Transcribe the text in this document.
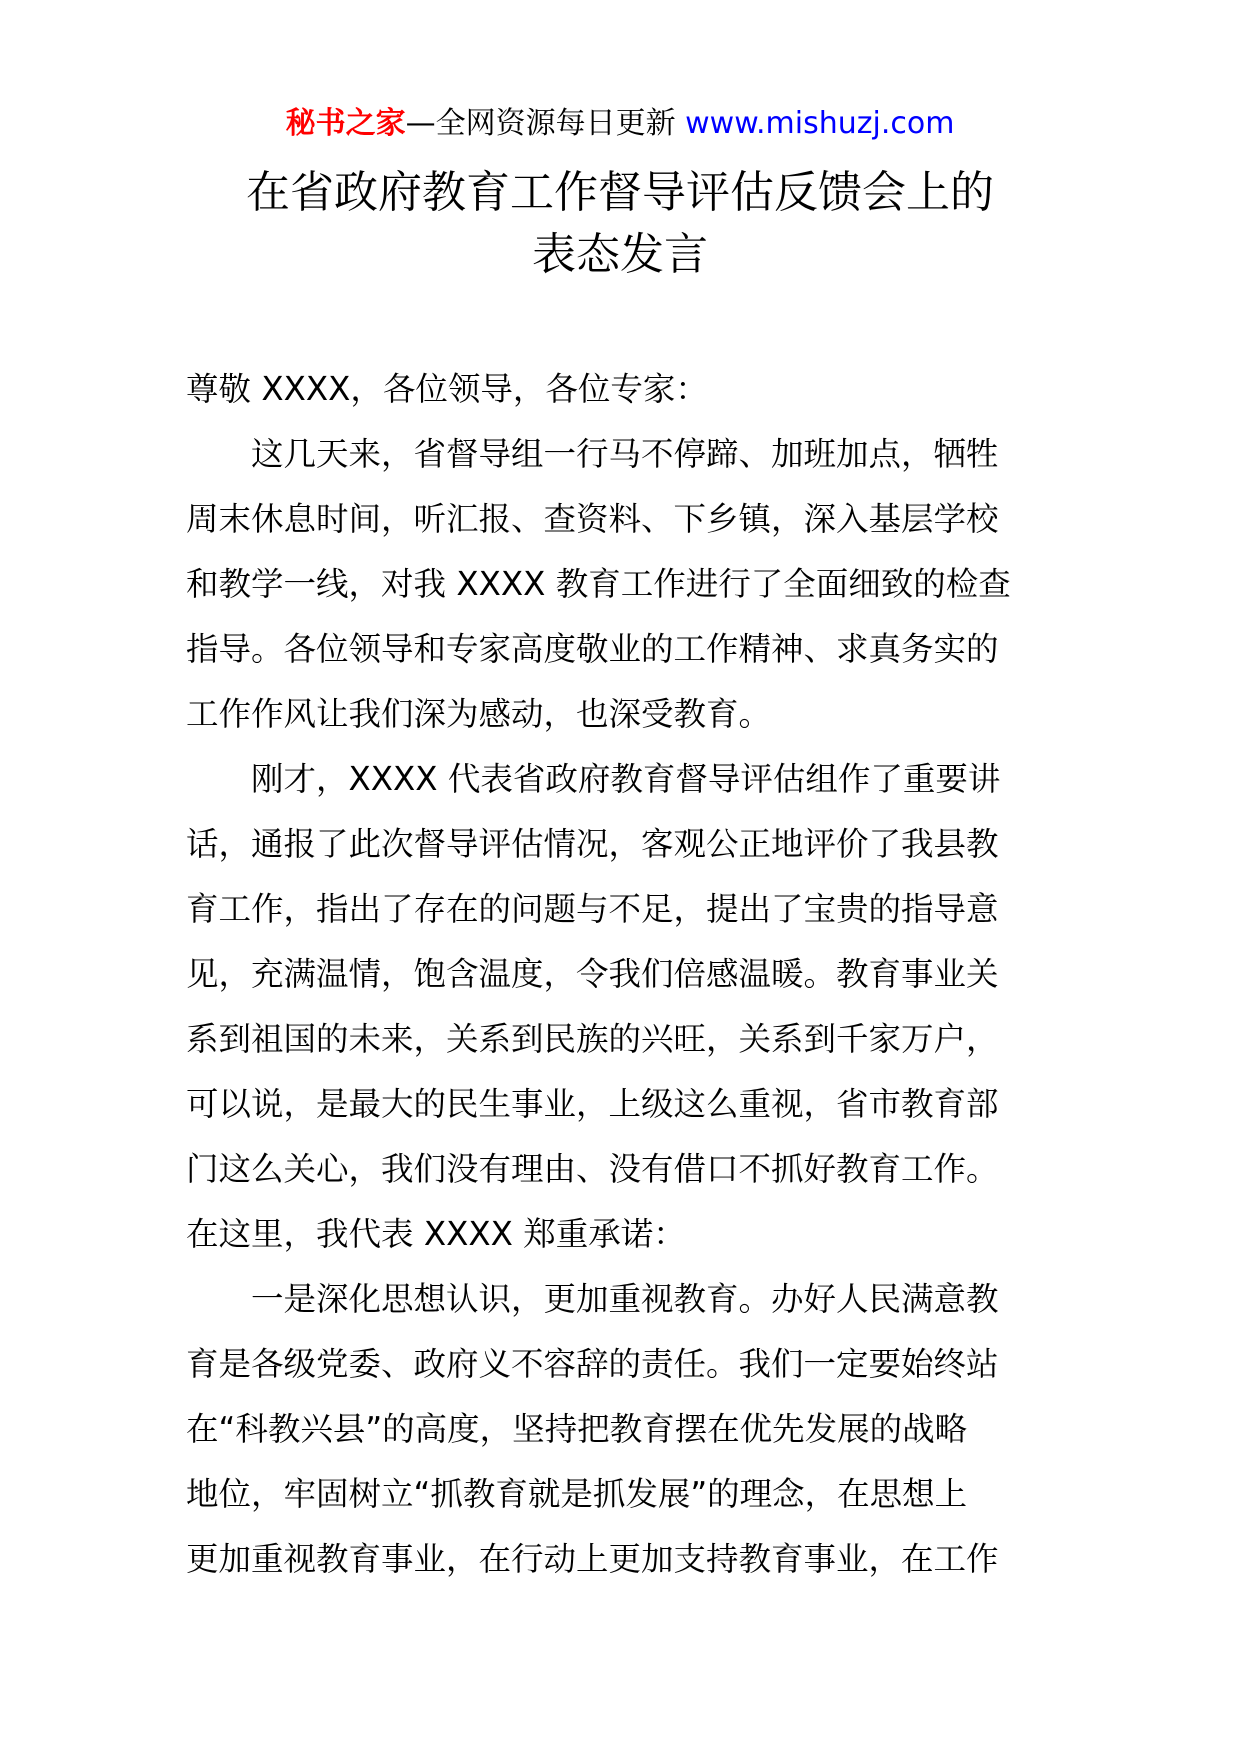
秘书之家—全网资源每日更新 www.mishuzj.com
在省政府教育工作督导评估反馈会上的
表态发言
尊敬 XXXX，各位领导，各位专家：
这几天来，省督导组一行马不停蹄、加班加点，牺牲
周末休息时间，听汇报、查资料、下乡镇，深入基层学校
和教学一线，对我 XXXX 教育工作进行了全面细致的检查
指导。各位领导和专家高度敬业的工作精神、求真务实的
工作作风让我们深为感动，也深受教育。
刚才，XXXX 代表省政府教育督导评估组作了重要讲
话，通报了此次督导评估情况，客观公正地评价了我县教
育工作，指出了存在的问题与不足，提出了宝贵的指导意
见，充满温情，饱含温度，令我们倍感温暖。教育事业关
系到祖国的未来，关系到民族的兴旺，关系到千家万户，
可以说，是最大的民生事业，上级这么重视，省市教育部
门这么关心，我们没有理由、没有借口不抓好教育工作。
在这里，我代表 XXXX 郑重承诺：
一是深化思想认识，更加重视教育。办好人民满意教
育是各级党委、政府义不容辞的责任。我们一定要始终站
在“科教兴县”的高度，坚持把教育摆在优先发展的战略
地位，牢固树立“抓教育就是抓发展”的理念，在思想上
更加重视教育事业，在行动上更加支持教育事业，在工作
